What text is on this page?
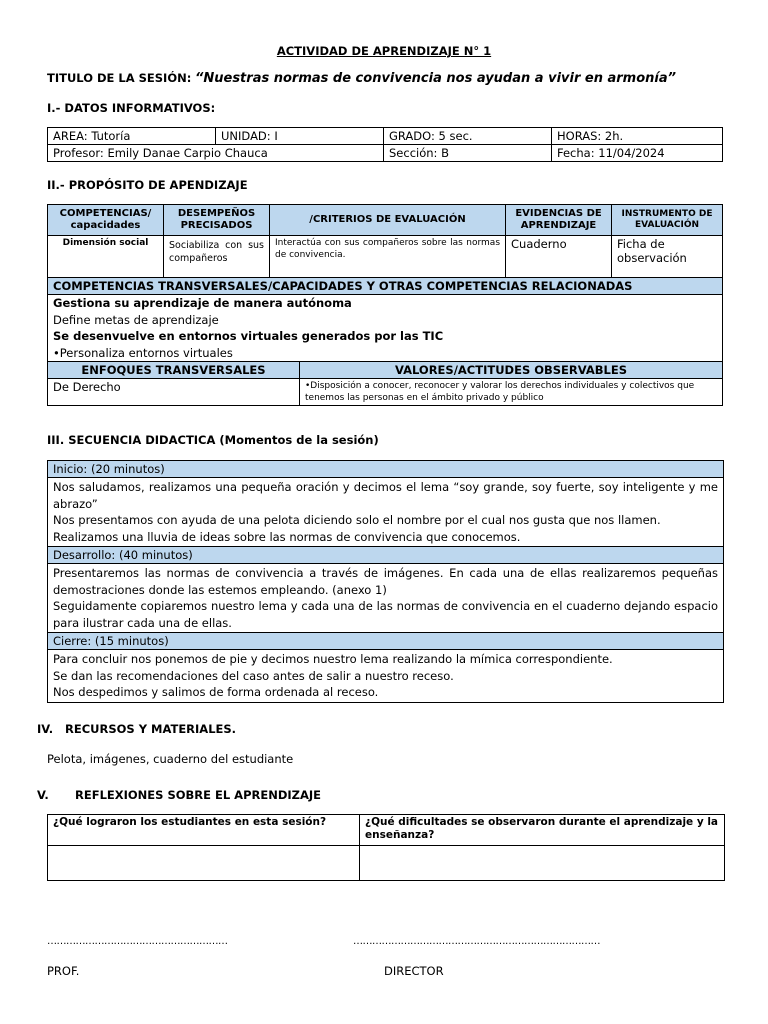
ACTIVIDAD DE APRENDIZAJE N° 1
TITULO DE LA SESIÓN: “Nuestras normas de convivencia nos ayudan a vivir en armonía”
I.- DATOS INFORMATIVOS:
AREA: Tutoría	UNIDAD: I	GRADO: 5 sec.	HORAS: 2h.
Profesor: Emily Danae Carpio Chauca		Sección: B	Fecha: 11/04/2024
II.- PROPÓSITO DE APENDIZAJE
COMPETENCIAS/ capacidades	DESEMPEÑOS PRECISADOS	/CRITERIOS DE EVALUACIÓN		EVIDENCIAS DE APRENDIZAJE	INSTRUMENTO DE EVALUACIÓN
Dimensión social	Sociabiliza con sus compañeros	Interactúa con sus compañeros sobre las normas de convivencia.		Cuaderno	Ficha de observación
COMPETENCIAS TRANSVERSALES/CAPACIDADES Y OTRAS COMPETENCIAS RELACIONADAS					

Gestiona su aprendizaje de manera autónoma
Define metas de aprendizaje
Se desenvuelve en entornos virtuales generados por las TIC
•Personaliza entornos virtuales					

ENFOQUES TRANSVERSALES			VALORES/ACTITUDES OBSERVABLES		
De Derecho			•Disposición a conocer, reconocer y valorar los derechos individuales y colectivos que tenemos las personas en el ámbito privado y público		
III. SECUENCIA DIDACTICA (Momentos de la sesión)
Inicio: (20 minutos)

Nos saludamos, realizamos una pequeña oración y decimos el lema “soy grande, soy fuerte, soy inteligente y me abrazo”
Nos presentamos con ayuda de una pelota diciendo solo el nombre por el cual nos gusta que nos llamen.
Realizamos una lluvia de ideas sobre las normas de convivencia que conocemos.

Desarrollo: (40 minutos)

Presentaremos las normas de convivencia a través de imágenes. En cada una de ellas realizaremos pequeñas demostraciones donde las estemos empleando. (anexo 1)
Seguidamente copiaremos nuestro lema y cada una de las normas de convivencia en el cuaderno dejando espacio para ilustrar cada una de ellas.

Cierre: (15 minutos)

Para concluir nos ponemos de pie y decimos nuestro lema realizando la mímica correspondiente.
Se dan las recomendaciones del caso antes de salir a nuestro receso.
Nos despedimos y salimos de forma ordenada al receso.
IV. RECURSOS Y MATERIALES.
Pelota, imágenes, cuaderno del estudiante
V. REFLEXIONES SOBRE EL APRENDIZAJE
¿Qué lograron los estudiantes en esta sesión?	¿Qué dificultades se observaron durante el aprendizaje y la enseñanza?

…………………………………………………	……………………………………………………………………
PROF.	DIRECTOR
